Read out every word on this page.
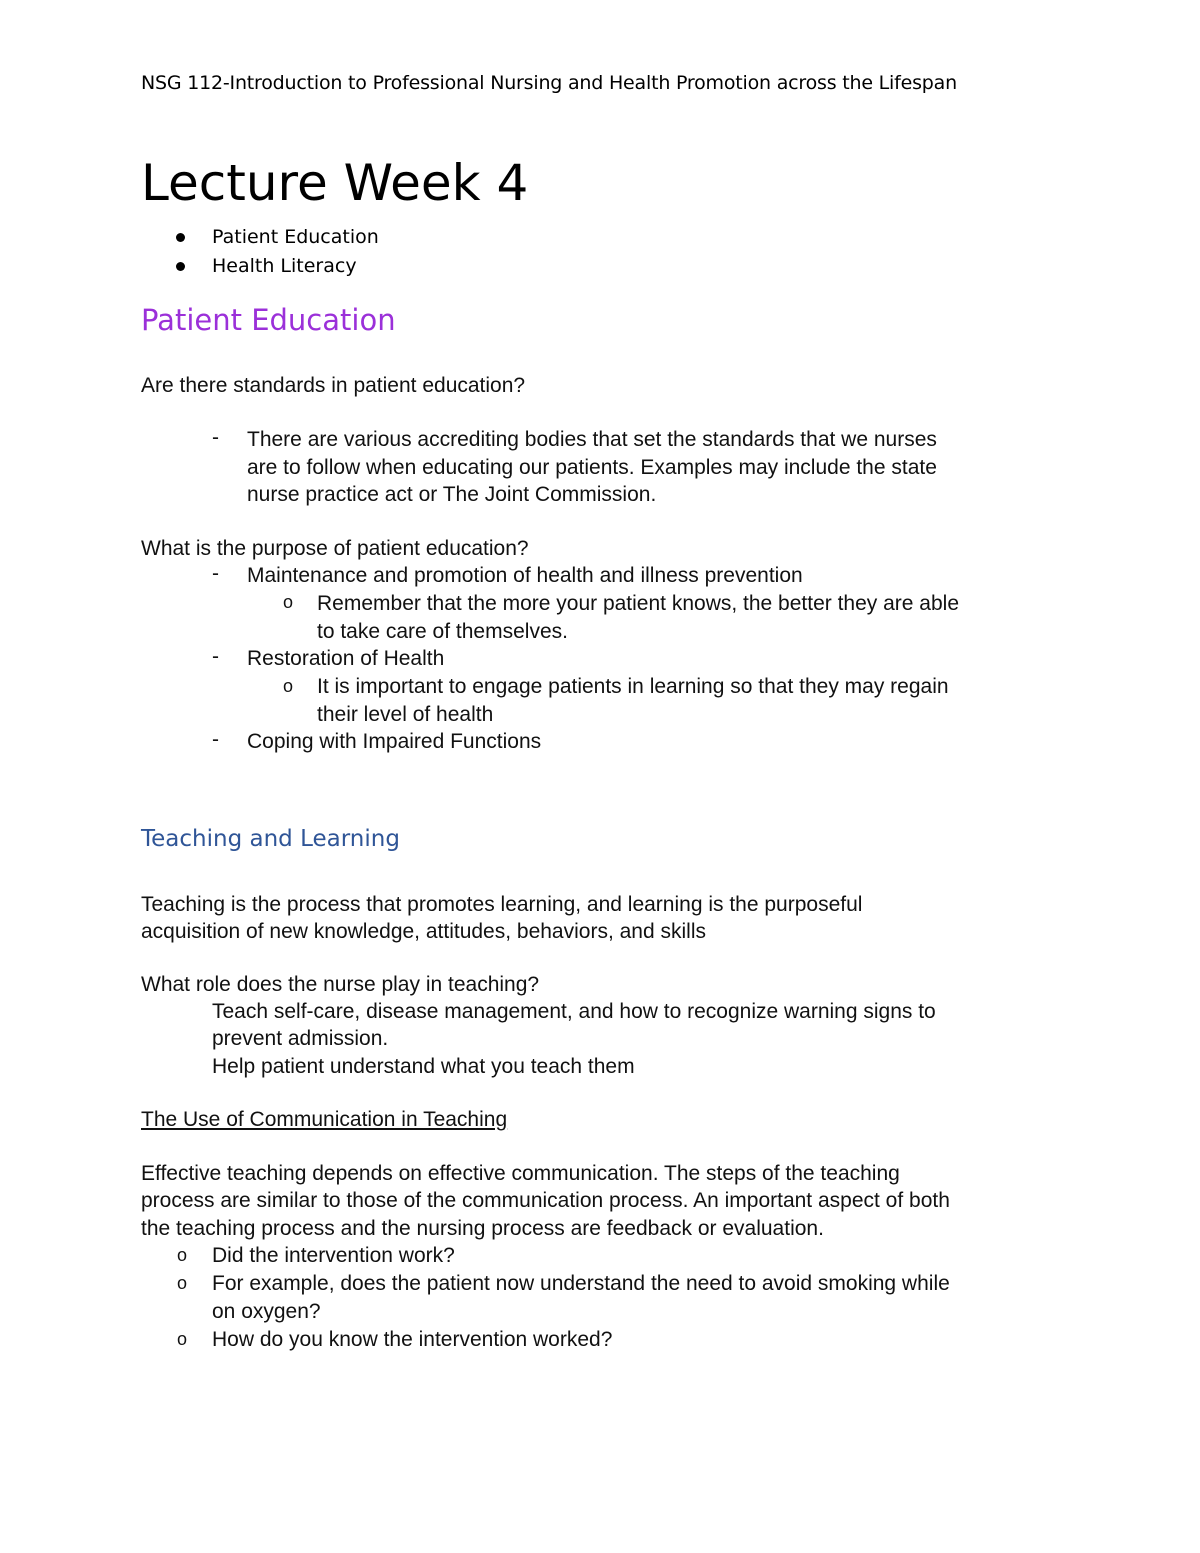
NSG 112-Introduction to Professional Nursing and Health Promotion across the Lifespan
Lecture Week 4
Patient Education
Health Literacy
Patient Education
Are there standards in patient education?
- There are various accrediting bodies that set the standards that we nurses
are to follow when educating our patients. Examples may include the state
nurse practice act or The Joint Commission.
What is the purpose of patient education?
- Maintenance and promotion of health and illness prevention
o Remember that the more your patient knows, the better they are able
to take care of themselves.
- Restoration of Health
o It is important to engage patients in learning so that they may regain
their level of health
- Coping with Impaired Functions
Teaching and Learning
Teaching is the process that promotes learning, and learning is the purposeful
acquisition of new knowledge, attitudes, behaviors, and skills
What role does the nurse play in teaching?
Teach self-care, disease management, and how to recognize warning signs to
prevent admission.
Help patient understand what you teach them
The Use of Communication in Teaching
Effective teaching depends on effective communication. The steps of the teaching
process are similar to those of the communication process. An important aspect of both
the teaching process and the nursing process are feedback or evaluation.
o Did the intervention work?
o For example, does the patient now understand the need to avoid smoking while
on oxygen?
o How do you know the intervention worked?
